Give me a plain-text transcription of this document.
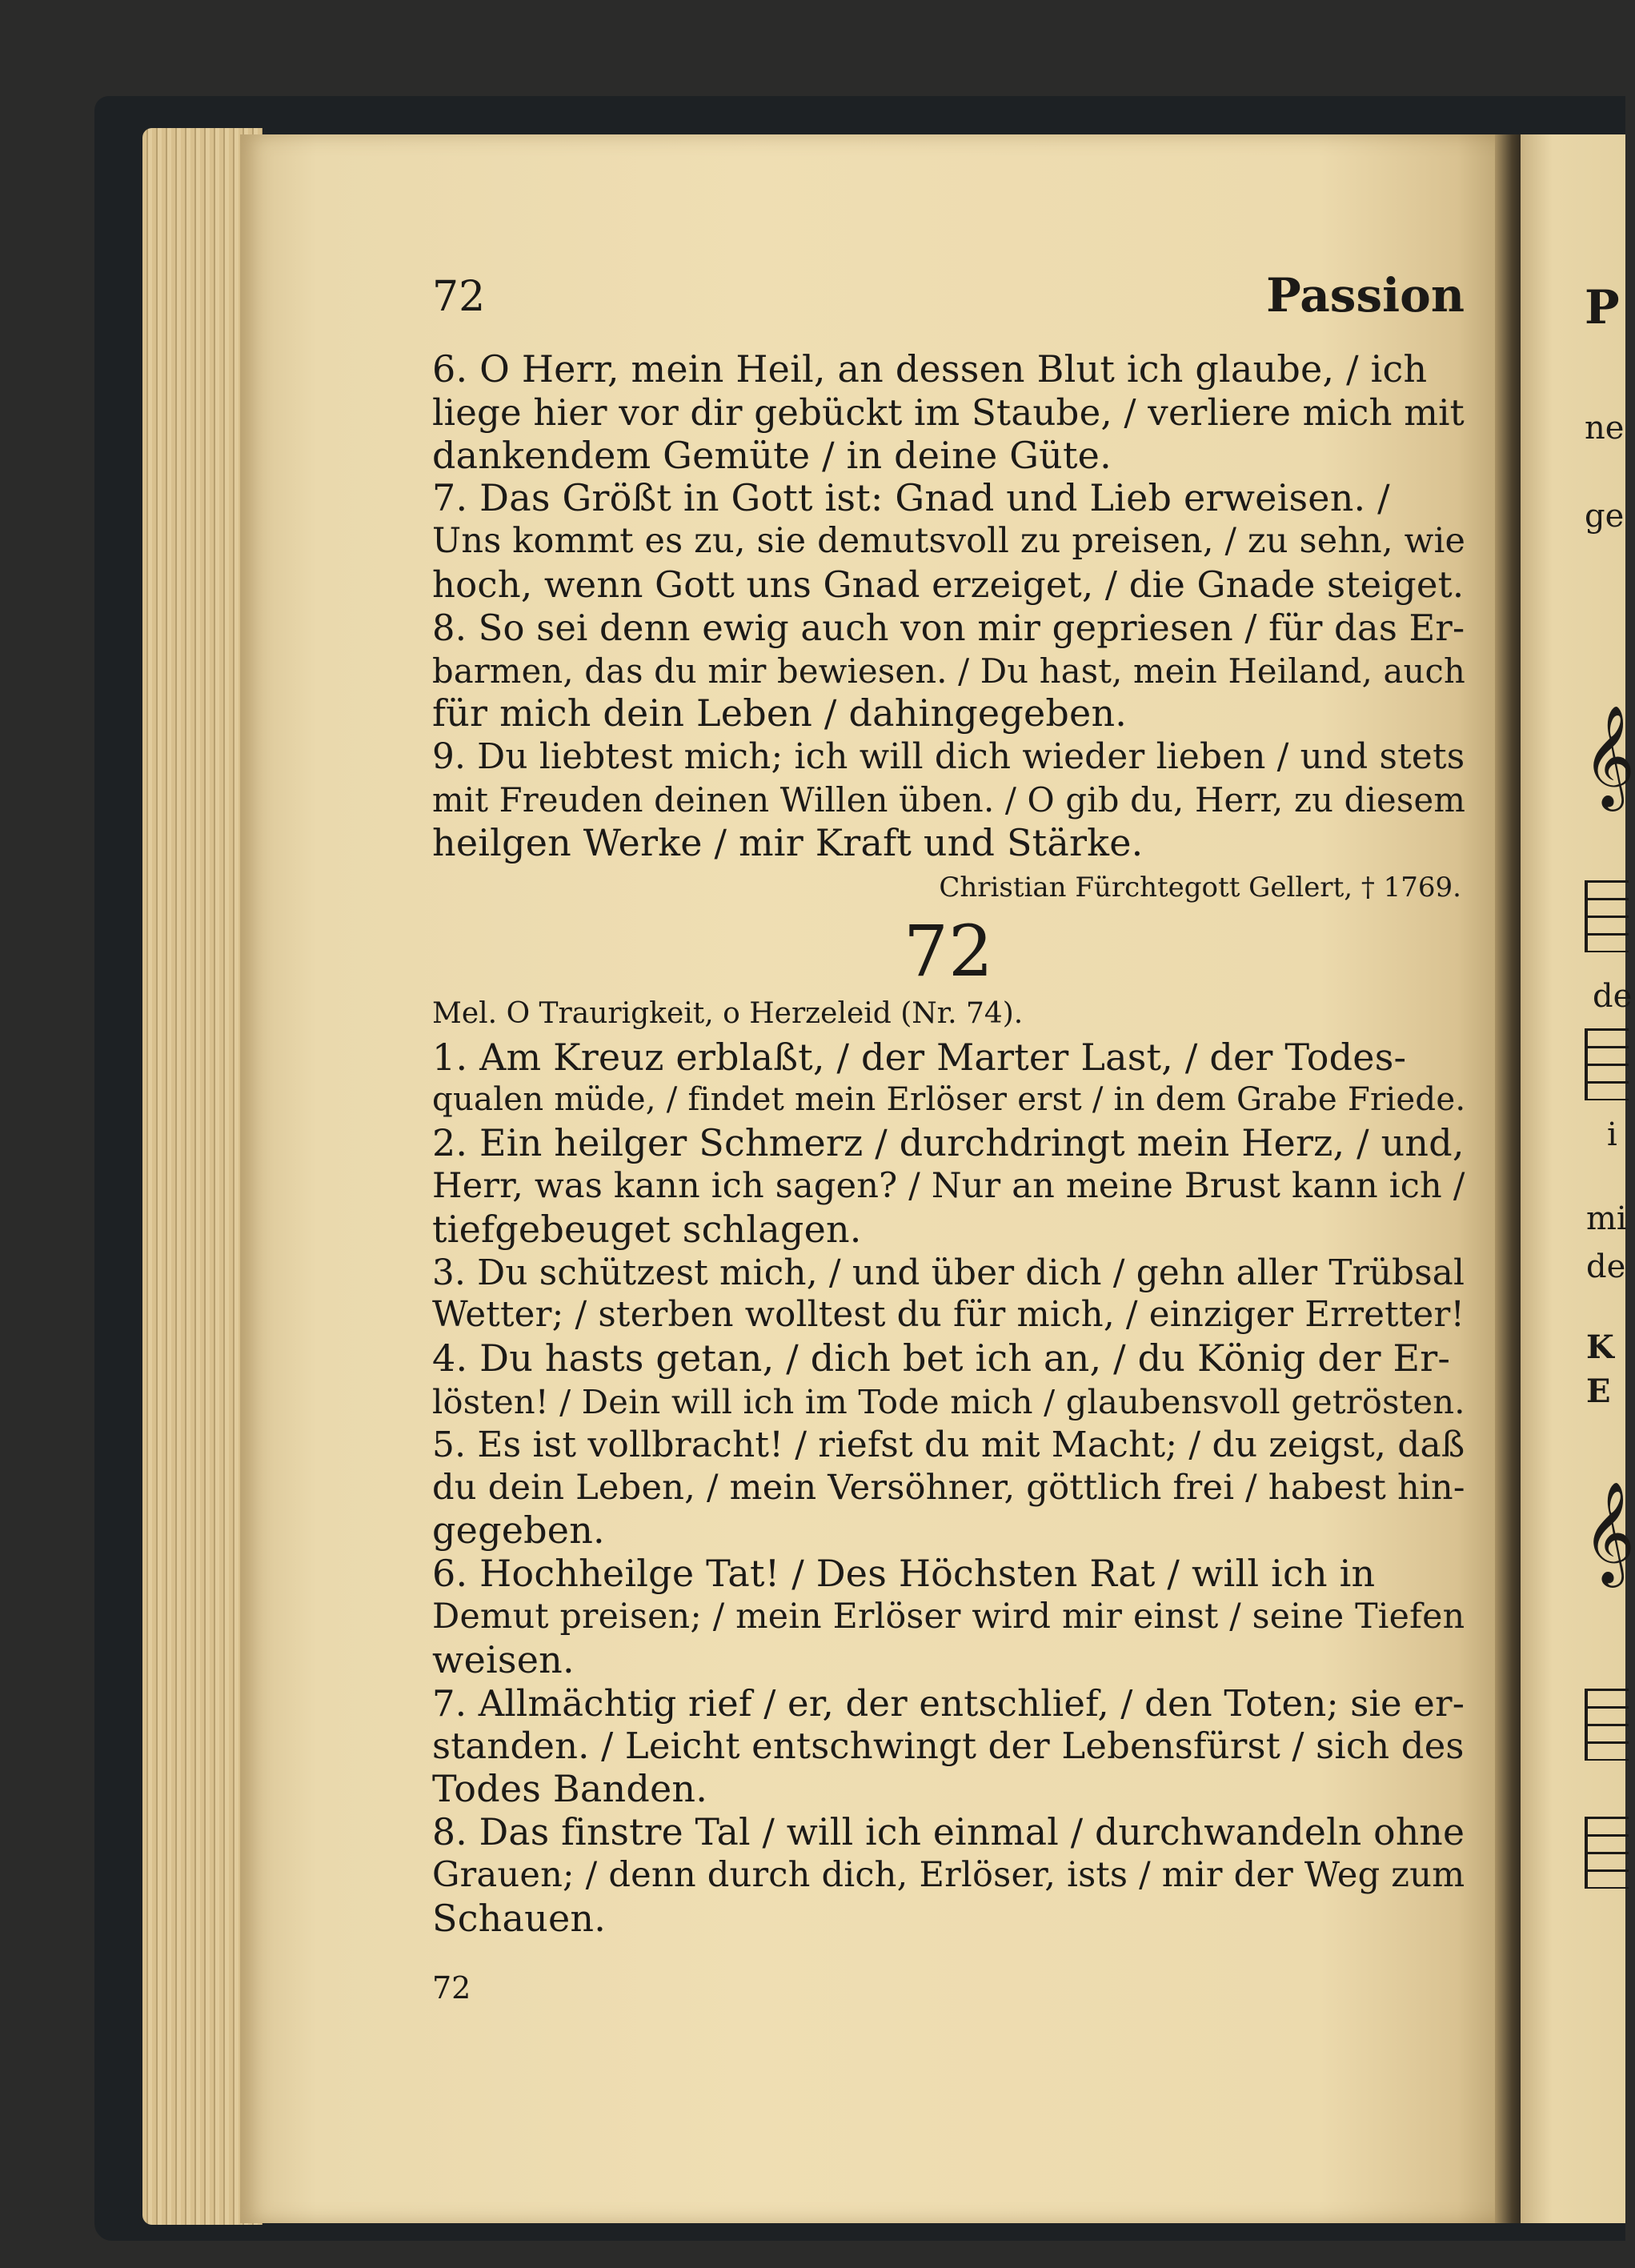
72	Passion
6. O Herr, mein Heil, an dessen Blut ich glaube, / ich
liege hier vor dir gebückt im Staube, / verliere mich mit
dankendem Gemüte / in deine Güte.
7. Das Größt in Gott ist: Gnad und Lieb erweisen. /
Uns kommt es zu, sie demutsvoll zu preisen, / zu sehn, wie
hoch, wenn Gott uns Gnad erzeiget, / die Gnade steiget.
8. So sei denn ewig auch von mir gepriesen / für das Er-
barmen, das du mir bewiesen. / Du hast, mein Heiland, auch
für mich dein Leben / dahingegeben.
9. Du liebtest mich; ich will dich wieder lieben / und stets
mit Freuden deinen Willen üben. / O gib du, Herr, zu diesem
heilgen Werke / mir Kraft und Stärke.
Christian Fürchtegott Gellert, † 1769.
72
Mel. O Traurigkeit, o Herzeleid (Nr. 74).
1. Am Kreuz erblaßt, / der Marter Last, / der Todes-
qualen müde, / findet mein Erlöser erst / in dem Grabe Friede.
2. Ein heilger Schmerz / durchdringt mein Herz, / und,
Herr, was kann ich sagen? / Nur an meine Brust kann ich /
tiefgebeuget schlagen.
3. Du schützest mich, / und über dich / gehn aller Trübsal
Wetter; / sterben wolltest du für mich, / einziger Erretter!
4. Du hasts getan, / dich bet ich an, / du König der Er-
lösten! / Dein will ich im Tode mich / glaubensvoll getrösten.
5. Es ist vollbracht! / riefst du mit Macht; / du zeigst, daß
du dein Leben, / mein Versöhner, göttlich frei / habest hin-
gegeben.
6. Hochheilge Tat! / Des Höchsten Rat / will ich in
Demut preisen; / mein Erlöser wird mir einst / seine Tiefen
weisen.
7. Allmächtig rief / er, der entschlief, / den Toten; sie er-
standen. / Leicht entschwingt der Lebensfürst / sich des
Todes Banden.
8. Das finstre Tal / will ich einmal / durchwandeln ohne
Grauen; / denn durch dich, Erlöser, ists / mir der Weg zum
Schauen.
72
P
ne
ge
𝄞
de
i
mi
de
K
E
𝄞
